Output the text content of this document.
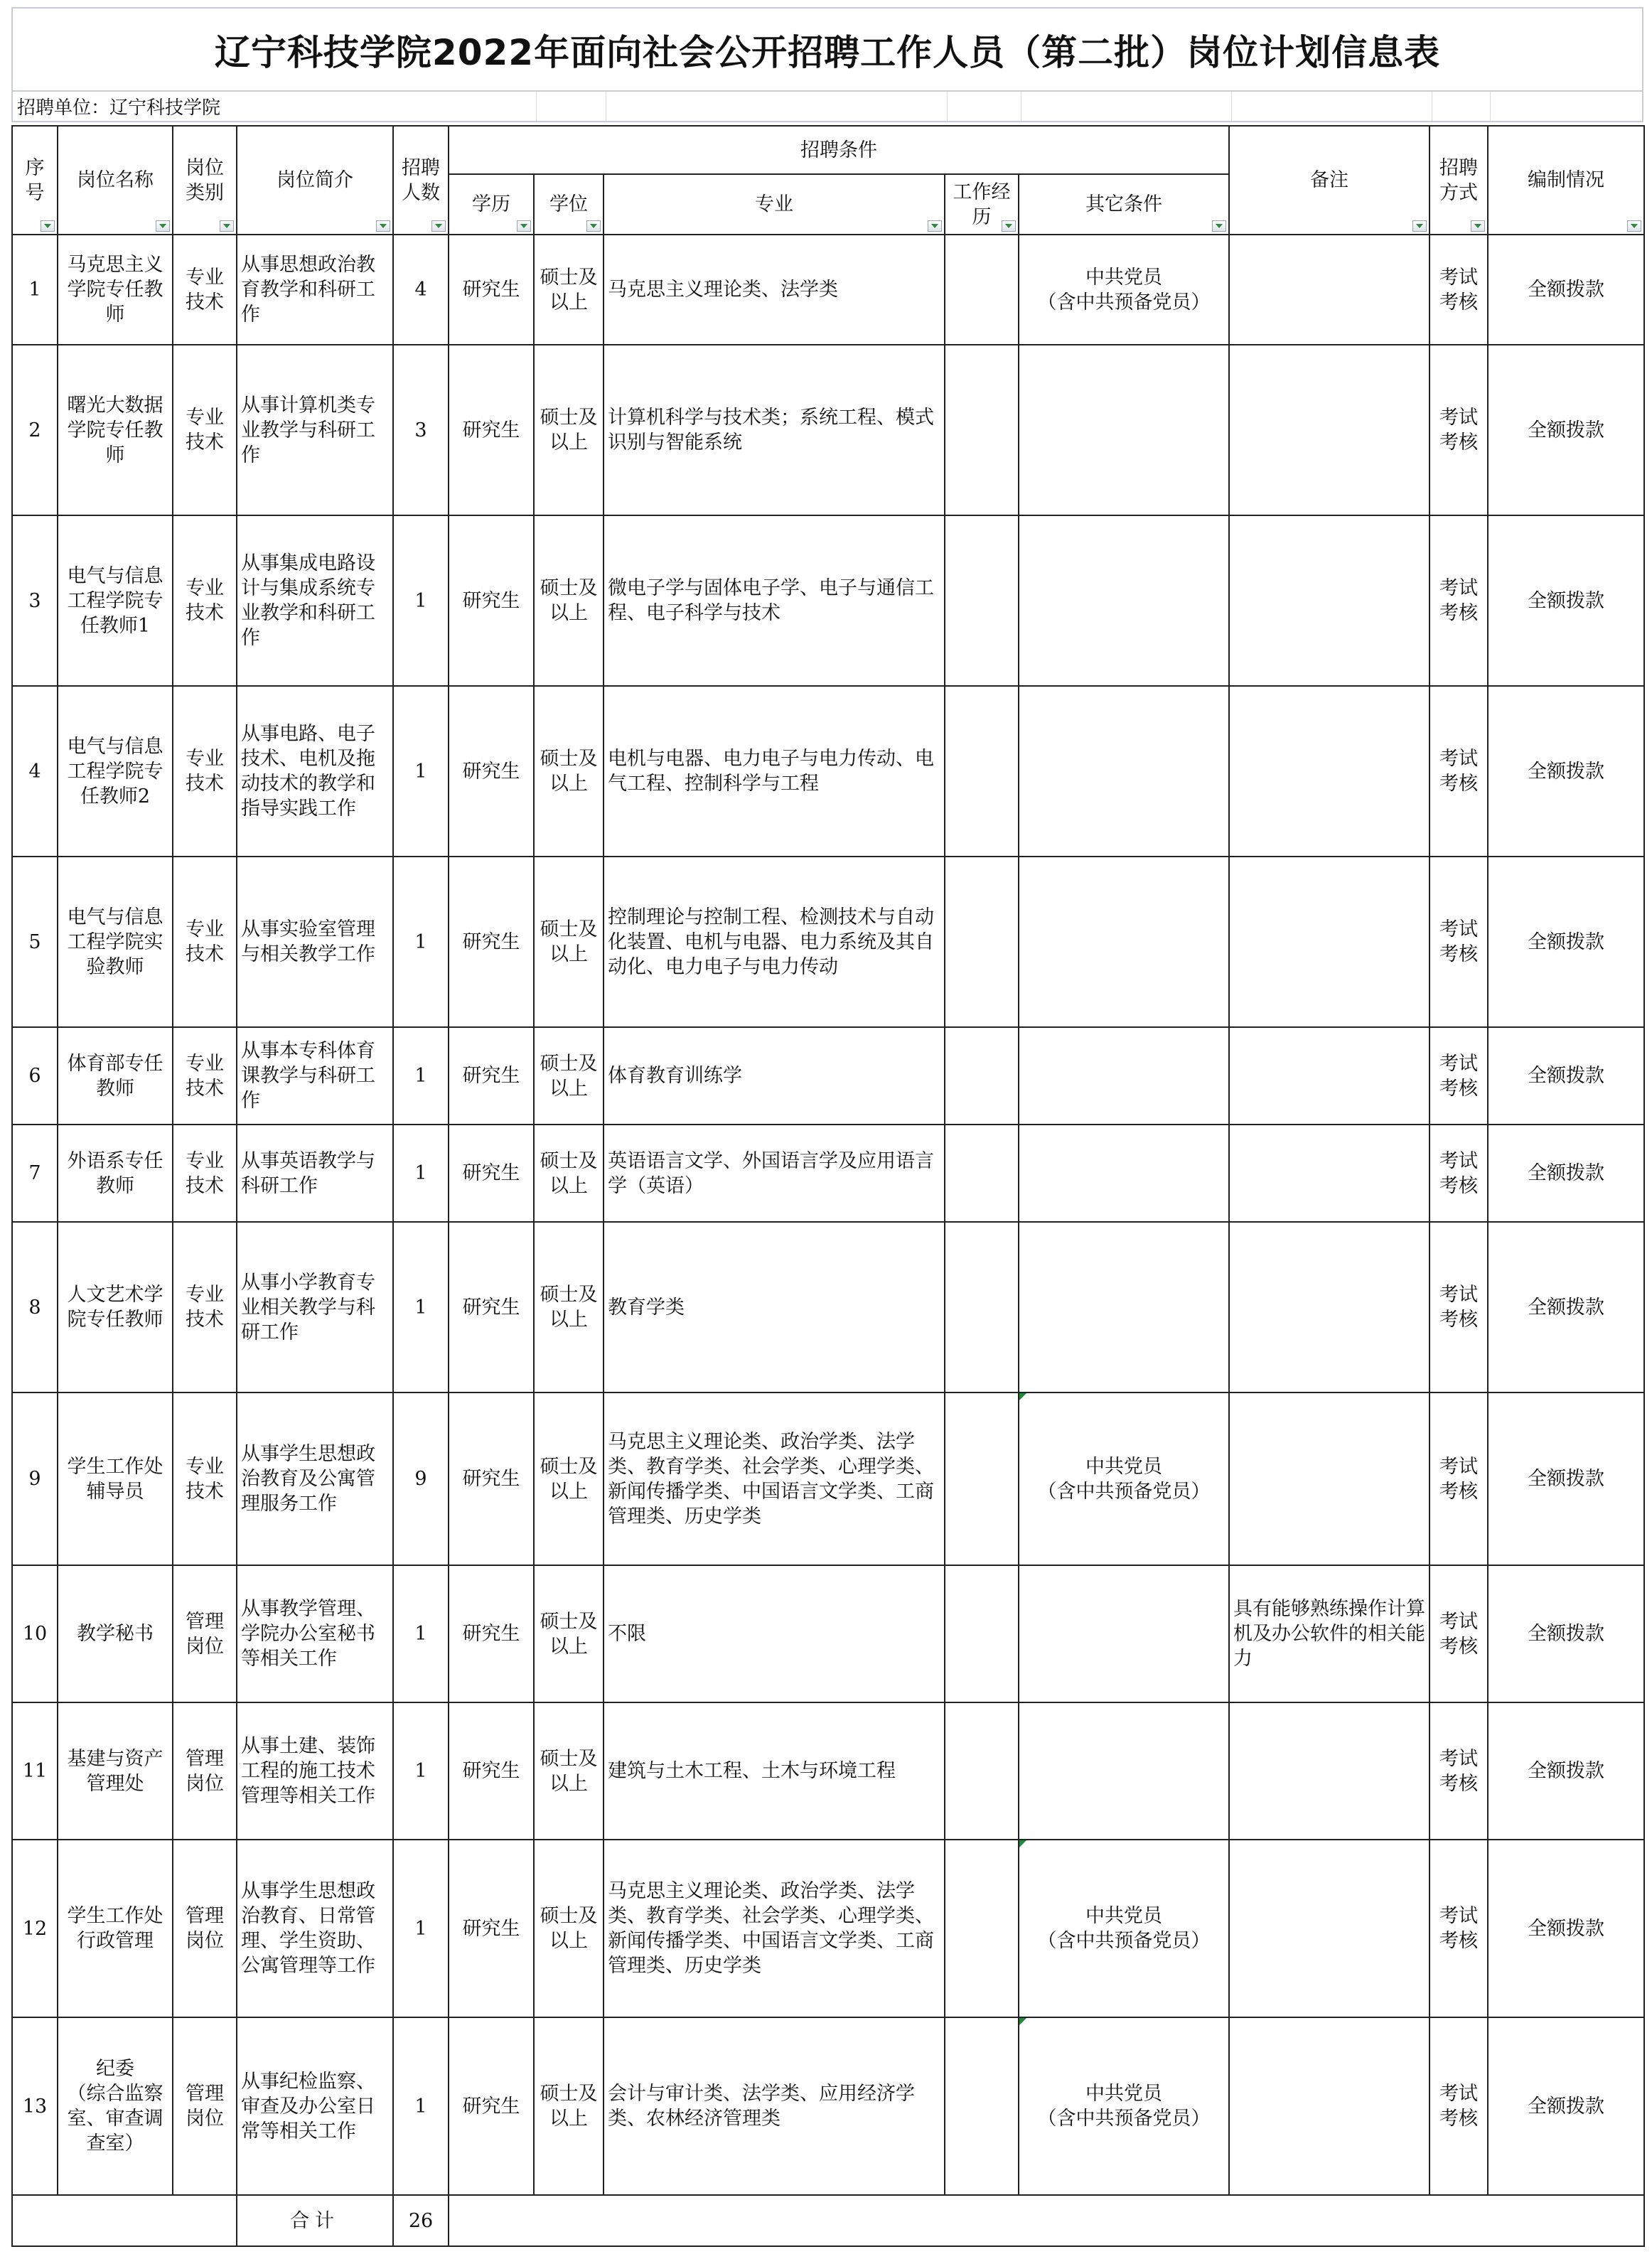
辽宁科技学院2022年面向社会公开招聘工作人员（第二批）岗位计划信息表
招聘单位：辽宁科技学院
序号	岗位名称	岗位类别	岗位简介	招聘人数	招聘条件					备注	招聘方式	编制情况

					学历	学位	专业	工作经历	其它条件			

1	马克思主义学院专任教师	专业技术	从事思想政治教育教学和科研工作	4	研究生	硕士及以上	马克思主义理论类、法学类		中共党员
（含中共预备党员）		考试考核	全额拨款
2	曙光大数据学院专任教师	专业技术	从事计算机类专业教学与科研工作	3	研究生	硕士及以上	计算机科学与技术类；系统工程、模式识别与智能系统				考试考核	全额拨款
3	电气与信息工程学院专任教师1	专业技术	从事集成电路设计与集成系统专业教学和科研工作	1	研究生	硕士及以上	微电子学与固体电子学、电子与通信工程、电子科学与技术				考试考核	全额拨款
4	电气与信息工程学院专任教师2	专业技术	从事电路、电子技术、电机及拖动技术的教学和指导实践工作	1	研究生	硕士及以上	电机与电器、电力电子与电力传动、电气工程、控制科学与工程				考试考核	全额拨款
5	电气与信息工程学院实验教师	专业技术	从事实验室管理与相关教学工作	1	研究生	硕士及以上	控制理论与控制工程、检测技术与自动化装置、电机与电器、电力系统及其自动化、电力电子与电力传动				考试考核	全额拨款
6	体育部专任教师	专业技术	从事本专科体育课教学与科研工作	1	研究生	硕士及以上	体育教育训练学				考试考核	全额拨款
7	外语系专任教师	专业技术	从事英语教学与科研工作	1	研究生	硕士及以上	英语语言文学、外国语言学及应用语言学（英语）				考试考核	全额拨款
8	人文艺术学院专任教师	专业技术	从事小学教育专业相关教学与科研工作	1	研究生	硕士及以上	教育学类				考试考核	全额拨款
9	学生工作处辅导员	专业技术	从事学生思想政治教育及公寓管理服务工作	9	研究生	硕士及以上	马克思主义理论类、政治学类、法学类、教育学类、社会学类、心理学类、新闻传播学类、中国语言文学类、工商管理类、历史学类		中共党员
（含中共预备党员）		考试考核	全额拨款
10	教学秘书	管理岗位	从事教学管理、学院办公室秘书等相关工作	1	研究生	硕士及以上	不限			具有能够熟练操作计算机及办公软件的相关能力	考试考核	全额拨款
11	基建与资产管理处	管理岗位	从事土建、装饰工程的施工技术管理等相关工作	1	研究生	硕士及以上	建筑与土木工程、土木与环境工程				考试考核	全额拨款
12	学生工作处行政管理	管理岗位	从事学生思想政治教育、日常管理、学生资助、公寓管理等工作	1	研究生	硕士及以上	马克思主义理论类、政治学类、法学类、教育学类、社会学类、心理学类、新闻传播学类、中国语言文学类、工商管理类、历史学类		中共党员
（含中共预备党员）		考试考核	全额拨款
13	纪委
（综合监察室、审查调查室）	管理岗位	从事纪检监察、审查及办公室日常等相关工作	1	研究生	硕士及以上	会计与审计类、法学类、应用经济学类、农林经济管理类		中共党员
（含中共预备党员）		考试考核	全额拨款
			合计	26								
